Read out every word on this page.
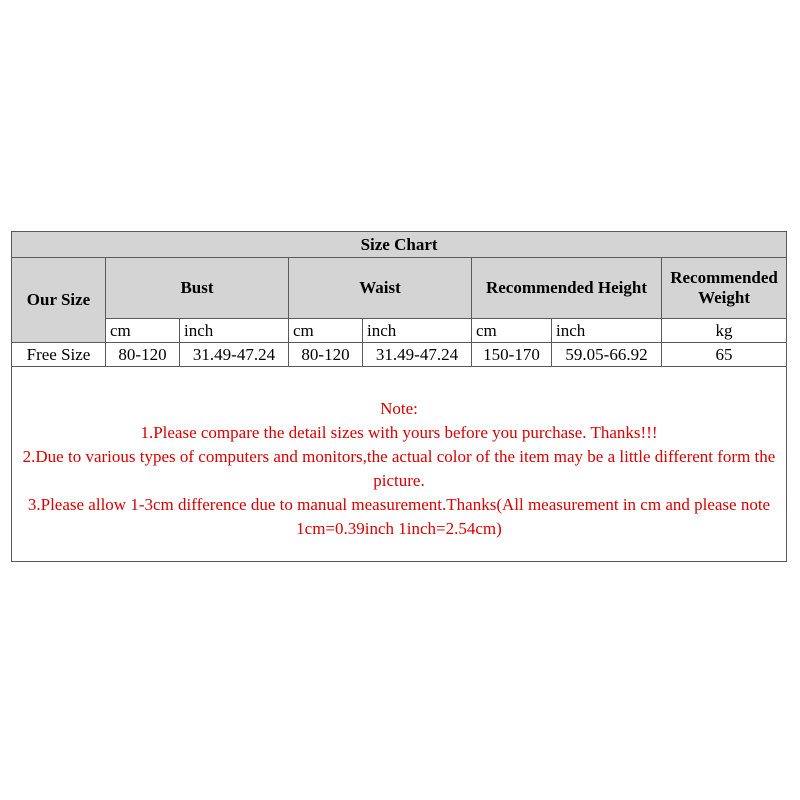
Size Chart							
Our Size	Bust		Waist		Recommended Height		Recommended Weight
	cm	inch	cm	inch	cm	inch	kg
Free Size	80-120	31.49-47.24	80-120	31.49-47.24	150-170	59.05-66.92	65
Note:
1.Please compare the detail sizes with yours before you purchase. Thanks!!!
2.Due to various types of computers and monitors,the actual color of the item may be a little different form the picture.
3.Please allow 1-3cm difference due to manual measurement.Thanks(All measurement in cm and please note 1cm=0.39inch 1inch=2.54cm)
